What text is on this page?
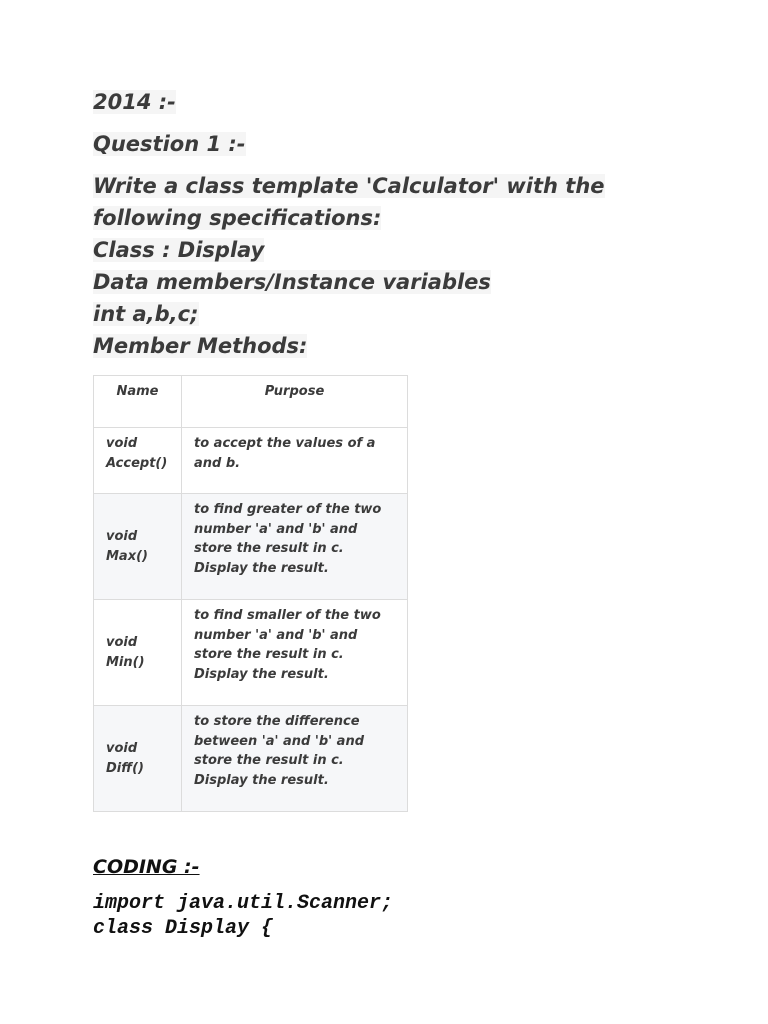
2014 :-
Question 1 :-
Write a class template 'Calculator' with the
following specifications:
Class : Display
Data members/Instance variables
int a,b,c;
Member Methods:
Name	Purpose
void Accept()	to accept the values of a and b.
void Max()	to find greater of the two number 'a' and 'b' and store the result in c. Display the result.
void Min()	to find smaller of the two number 'a' and 'b' and store the result in c. Display the result.
void Diff()	to store the difference between 'a' and 'b' and store the result in c. Display the result.
CODING :-
import java.util.Scanner;
class Display {
